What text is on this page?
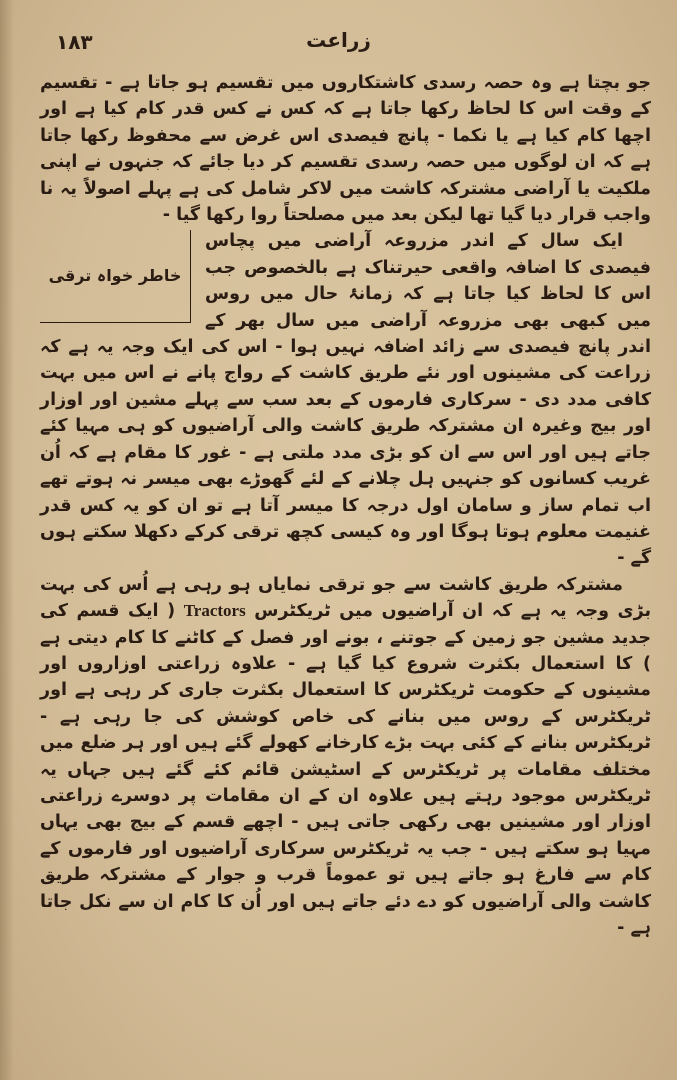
۱۸۳	زراعت

جو بچتا ہے وہ حصہ رسدی کاشتکاروں میں تقسیم ہو جاتا ہے - تقسیم کے وقت اس کا لحاظ رکھا جاتا ہے کہ کس نے کس قدر کام کیا ہے اور اچھا کام کیا ہے یا نکما - پانچ فیصدی اس غرض سے محفوظ رکھا جاتا ہے کہ ان لوگوں میں حصہ رسدی تقسیم کر دیا جائے کہ جنہوں نے اپنی ملکیت یا آراضی مشترکہ کاشت میں لاکر شامل کی ہے پہلے اصولاً یہ نا واجب قرار دیا گیا تھا لیکن بعد میں مصلحتاً روا رکھا گیا -

خاطر خواہ ترقی

ایک سال کے اندر مزروعہ آراضی میں پچاس فیصدی کا اضافہ واقعی حیرتناک ہے بالخصوص جب اس کا لحاظ کیا جاتا ہے کہ زمانۂ حال میں روس میں کبھی بھی مزروعہ آراضی میں سال بھر کے اندر پانچ فیصدی سے زائد اضافہ نہیں ہوا - اس کی ایک وجہ یہ ہے کہ زراعت کی مشینوں اور نئے طریق کاشت کے رواج پانے نے اس میں بہت کافی مدد دی - سرکاری فارموں کے بعد سب سے پہلے مشین اور اوزار اور بیج وغیرہ ان مشترکہ طریق کاشت والی آراضیوں کو ہی مہیا کئے جاتے ہیں اور اس سے ان کو بڑی مدد ملتی ہے - غور کا مقام ہے کہ اُن غریب کسانوں کو جنہیں ہل چلانے کے لئے گھوڑے بھی میسر نہ ہوتے تھے اب تمام ساز و سامان اول درجہ کا میسر آتا ہے تو ان کو یہ کس قدر غنیمت معلوم ہوتا ہوگا اور وہ کیسی کچھ ترقی کرکے دکھلا سکتے ہوں گے -

مشترکہ طریق کاشت سے جو ترقی نمایاں ہو رہی ہے اُس کی بہت بڑی وجہ یہ ہے کہ ان آراضیوں میں ٹریکٹرس Tractors ( ایک قسم کی جدید مشین جو زمین کے جوتنے ، بونے اور فصل کے کاٹنے کا کام دیتی ہے ) کا استعمال بکثرت شروع کیا گیا ہے - علاوہ زراعتی اوزاروں اور مشینوں کے حکومت ٹریکٹرس کا استعمال بکثرت جاری کر رہی ہے اور ٹریکٹرس کے روس میں بنانے کی خاص کوشش کی جا رہی ہے - ٹریکٹرس بنانے کے کئی بہت بڑے کارخانے کھولے گئے ہیں اور ہر ضلع میں مختلف مقامات پر ٹریکٹرس کے اسٹیشن قائم کئے گئے ہیں جہاں یہ ٹریکٹرس موجود رہتے ہیں علاوہ ان کے ان مقامات پر دوسرے زراعتی اوزار اور مشینیں بھی رکھی جاتی ہیں - اچھے قسم کے بیج بھی یہاں مہیا ہو سکتے ہیں - جب یہ ٹریکٹرس سرکاری آراضیوں اور فارموں کے کام سے فارغ ہو جاتے ہیں تو عموماً قرب و جوار کے مشترکہ طریق کاشت والی آراضیوں کو دے دئے جاتے ہیں اور اُن کا کام ان سے نکل جاتا ہے -
